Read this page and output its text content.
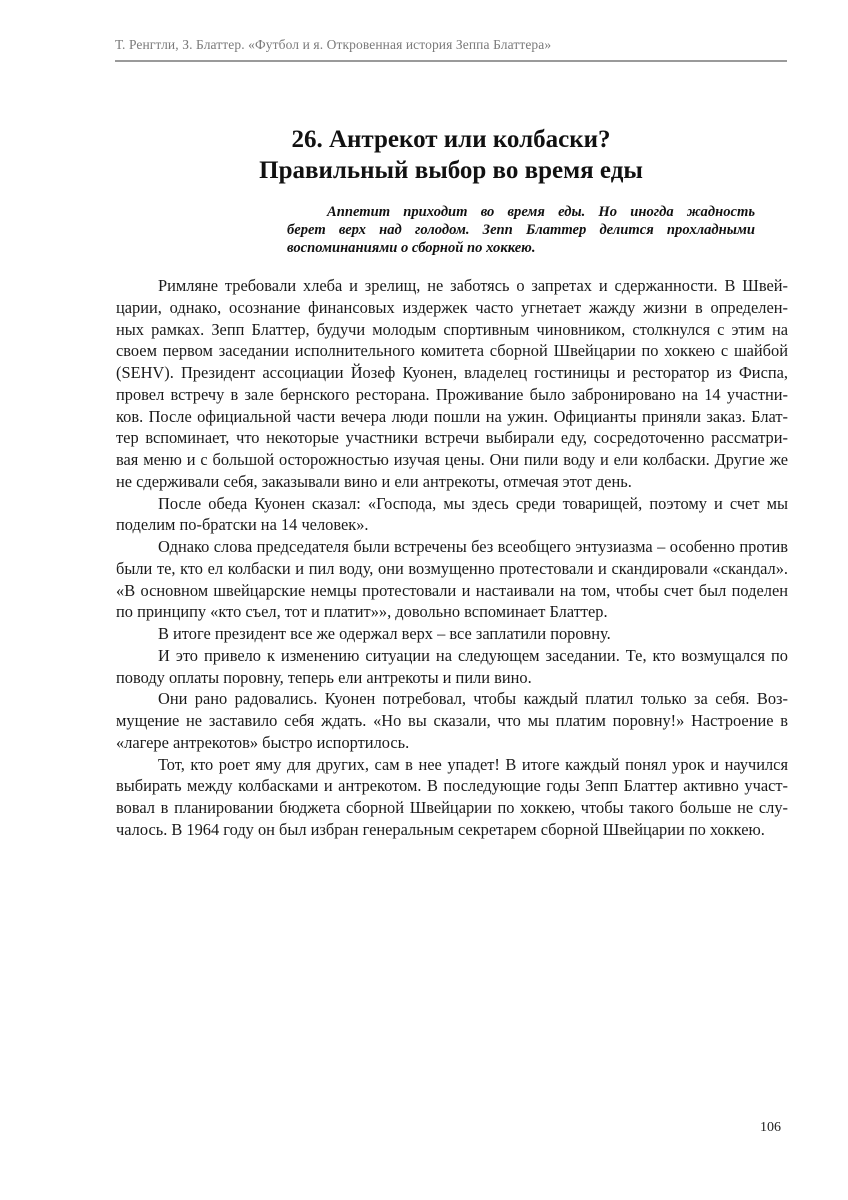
Т. Ренгтли, З. Блаттер. «Футбол и я. Откровенная история Зеппа Блаттера»
26. Антрекот или колбаски?
Правильный выбор во время еды
Аппетит приходит во время еды. Но иногда жадность
берет верх над голодом. Зепп Блаттер делится прохладными
воспоминаниями о сборной по хоккею.
Римляне требовали хлеба и зрелищ, не заботясь о запретах и сдержанности. В Швей-
царии, однако, осознание финансовых издержек часто угнетает жажду жизни в определен-
ных рамках. Зепп Блаттер, будучи молодым спортивным чиновником, столкнулся с этим на
своем первом заседании исполнительного комитета сборной Швейцарии по хоккею с шайбой
(SEHV). Президент ассоциации Йозеф Куонен, владелец гостиницы и ресторатор из Фиспа,
провел встречу в зале бернского ресторана. Проживание было забронировано на 14 участни-
ков. После официальной части вечера люди пошли на ужин. Официанты приняли заказ. Блат-
тер вспоминает, что некоторые участники встречи выбирали еду, сосредоточенно рассматри-
вая меню и с большой осторожностью изучая цены. Они пили воду и ели колбаски. Другие же
не сдерживали себя, заказывали вино и ели антрекоты, отмечая этот день.
После обеда Куонен сказал: «Господа, мы здесь среди товарищей, поэтому и счет мы
поделим по-братски на 14 человек».
Однако слова председателя были встречены без всеобщего энтузиазма – особенно против
были те, кто ел колбаски и пил воду, они возмущенно протестовали и скандировали «скандал».
«В основном швейцарские немцы протестовали и настаивали на том, чтобы счет был поделен
по принципу «кто съел, тот и платит»», довольно вспоминает Блаттер.
В итоге президент все же одержал верх – все заплатили поровну.
И это привело к изменению ситуации на следующем заседании. Те, кто возмущался по
поводу оплаты поровну, теперь ели антрекоты и пили вино.
Они рано радовались. Куонен потребовал, чтобы каждый платил только за себя. Воз-
мущение не заставило себя ждать. «Но вы сказали, что мы платим поровну!» Настроение в
«лагере антрекотов» быстро испортилось.
Тот, кто роет яму для других, сам в нее упадет! В итоге каждый понял урок и научился
выбирать между колбасками и антрекотом. В последующие годы Зепп Блаттер активно участ-
вовал в планировании бюджета сборной Швейцарии по хоккею, чтобы такого больше не слу-
чалось. В 1964 году он был избран генеральным секретарем сборной Швейцарии по хоккею.
106
